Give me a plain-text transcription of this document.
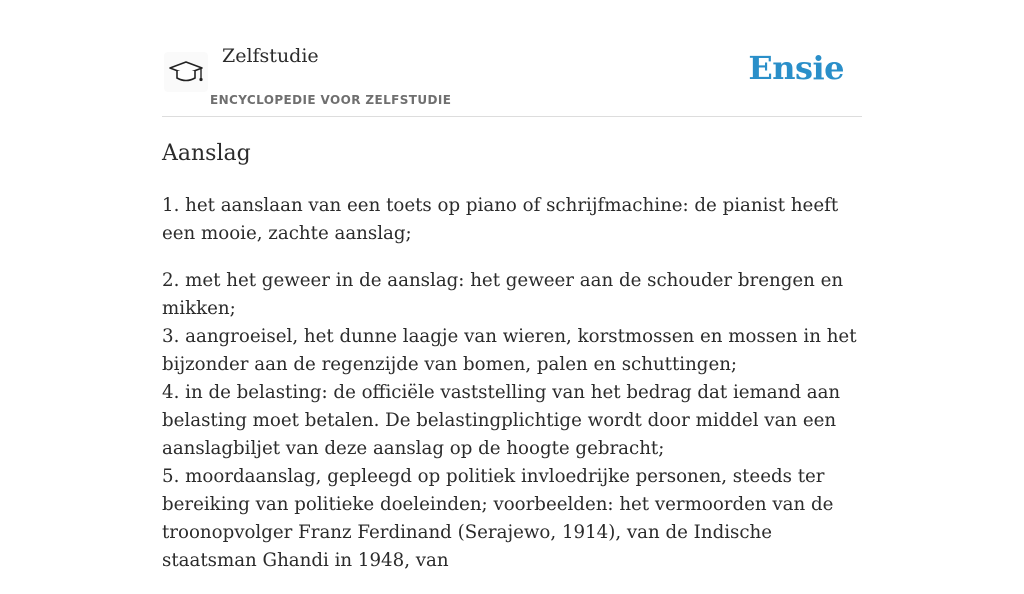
Zelfstudie
ENCYCLOPEDIE VOOR ZELFSTUDIE
Ensie
Aanslag

1. het aanslaan van een toets op piano of schrijfmachine: de pianist heeft een mooie, zachte aanslag;

2. met het geweer in de aanslag: het geweer aan de schouder brengen en mikken;
3. aangroeisel, het dunne laagje van wieren, korstmossen en mossen in het bijzonder aan de regenzijde van bomen, palen en schuttingen;
4. in de belasting: de officiële vaststelling van het bedrag dat iemand aan belasting moet betalen. De belastingplichtige wordt door middel van een aanslagbiljet van deze aanslag op de hoogte gebracht;
5. moordaanslag, gepleegd op politiek invloedrijke personen, steeds ter bereiking van politieke doeleinden; voorbeelden: het vermoorden van de troonopvolger Franz Ferdinand (Serajewo, 1914), van de Indische staatsman Ghandi in 1948, van
